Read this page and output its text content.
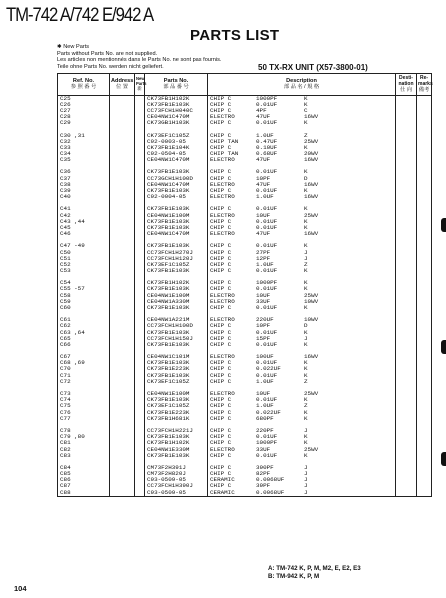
TM-742 A/742 E/942 A
PARTS LIST
✱ New Parts
Parts without Parts No. are not supplied.
Les articles non mentionnés dans le Parts No. ne sont pas fournis.
Teile ohne Parts No. werden nicht geliefert.	50 TX-RX UNIT (X57-3800-01)
Ref. No.
参 照 番 号	Address
位 置	New Parts
新	Parts No.
部 品 番 号	Description
部 品 名 / 規 格	Desti- nation
仕 向	Re- marks
備考

C25			CK73FB1H102K	CHIP C 1000PF K		
C26			CK73FB1E103K	CHIP C 0.01UF K		
C27			CC73FCH1H040C	CHIP C 4PF C		
C28			CE04NW1C470M	ELECTRO 47UF 16WV		
C29			CK73GB1H103K	CHIP C 0.01UF K		

C30 ,31			CK73EF1C105Z	CHIP C 1.0UF Z		
C32			C92-0003-05	CHIP TAN 0.47UF 25WV		
C33			CK73FB1E104K	CHIP C 0.10UF K		
C34			C92-0504-05	CHIP TAN 0.68UF 20WV		
C35			CE04NW1C470M	ELECTRO 47UF 16WV		

C36			CK73FB1E103K	CHIP C 0.01UF K		
C37			CC73GCH1H100D	CHIP C 10PF D		
C38			CE04NW1C470M	ELECTRO 47UF 16WV		
C39			CK73FB1E103K	CHIP C 0.01UF K		
C40			C92-0004-05	ELECTRO 1.0UF 16WV		

C41			CK73FB1E103K	CHIP C 0.01UF K		
C42			CE04NW1E100M	ELECTRO 10UF 25WV		
C43 ,44			CK73FB1E103K	CHIP C 0.01UF K		
C45			CK73FB1E103K	CHIP C 0.01UF K		
C46			CE04NW1C470M	ELECTRO 47UF 16WV		

C47 -49			CK73FB1E103K	CHIP C 0.01UF K		
C50			CC73FCH1H270J	CHIP C 27PF J		
C51			CC73FCH1H120J	CHIP C 12PF J		
C52			CK73EF1C105Z	CHIP C 1.0UF Z		
C53			CK73FB1E103K	CHIP C 0.01UF K		

C54			CK73FB1H102K	CHIP C 1000PF K		
C55 -57			CK73FB1E103K	CHIP C 0.01UF K		
C58			CE04NW1E100M	ELECTRO 10UF 25WV		
C59			CE04NW1A330M	ELECTRO 33UF 10WV		
C60			CK73FB1E103K	CHIP C 0.01UF K		

C61			CE04NW1A221M	ELECTRO 220UF 10WV		
C62			CC73FCH1H100D	CHIP C 10PF D		
C63 ,64			CK73FB1E103K	CHIP C 0.01UF K		
C65			CC73FCH1H150J	CHIP C 15PF J		
C66			CK73FB1E103K	CHIP C 0.01UF K		

C67			CE04NW1C101M	ELECTRO 100UF 16WV		
C68 ,69			CK73FB1E103K	CHIP C 0.01UF K		
C70			CK73FB1E223K	CHIP C 0.022UF K		
C71			CK73FB1E103K	CHIP C 0.01UF K		
C72			CK73EF1C105Z	CHIP C 1.0UF Z		

C73			CE04NW1E100M	ELECTRO 10UF 25WV		
C74			CK73FB1E103K	CHIP C 0.01UF K		
C75			CK73EF1C105Z	CHIP C 1.0UF Z		
C76			CK73FB1E223K	CHIP C 0.022UF K		
C77			CK73FB1H681K	CHIP C 680PF K		

C78			CC73FCH1H221J	CHIP C 220PF J		
C79 ,80			CK73FB1E103K	CHIP C 0.01UF K		
C81			CK73FB1H102K	CHIP C 1000PF K		
C82			CE04NW1E330M	ELECTRO 33UF 25WV		
C83			CK73FB1E103K	CHIP C 0.01UF K		

C84			CM73F2H391J	CHIP C 390PF J		
C85			CM73F2H820J	CHIP C 82PF J		
C86			C93-0509-05	CERAMIC 0.0068UF J		
C87			CC73FCH1H390J	CHIP C 39PF J		
C88			C93-0509-05	CERAMIC 0.0068UF J		
A: TM-742 K, P, M, M2, E, E2, E3
B: TM-942 K, P, M
104
